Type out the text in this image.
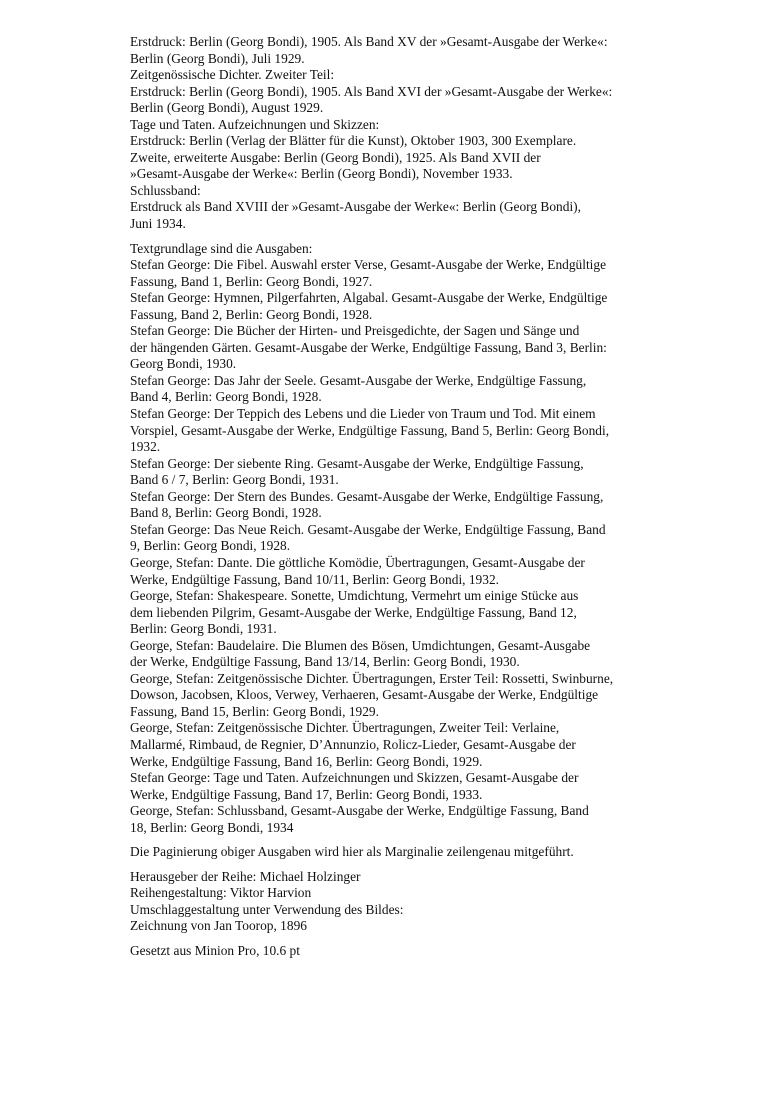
Erstdruck: Berlin (Georg Bondi), 1905. Als Band XV der »Gesamt-Ausgabe der Werke«:
Berlin (Georg Bondi), Juli 1929.
Zeitgenössische Dichter. Zweiter Teil:
Erstdruck: Berlin (Georg Bondi), 1905. Als Band XVI der »Gesamt-Ausgabe der Werke«:
Berlin (Georg Bondi), August 1929.
Tage und Taten. Aufzeichnungen und Skizzen:
Erstdruck: Berlin (Verlag der Blätter für die Kunst), Oktober 1903, 300 Exemplare.
Zweite, erweiterte Ausgabe: Berlin (Georg Bondi), 1925. Als Band XVII der
»Gesamt-Ausgabe der Werke«: Berlin (Georg Bondi), November 1933.
Schlussband:
Erstdruck als Band XVIII der »Gesamt-Ausgabe der Werke«: Berlin (Georg Bondi),
Juni 1934.
Textgrundlage sind die Ausgaben:
Stefan George: Die Fibel. Auswahl erster Verse, Gesamt-Ausgabe der Werke, Endgültige
Fassung, Band 1, Berlin: Georg Bondi, 1927.
Stefan George: Hymnen, Pilgerfahrten, Algabal. Gesamt-Ausgabe der Werke, Endgültige
Fassung, Band 2, Berlin: Georg Bondi, 1928.
Stefan George: Die Bücher der Hirten- und Preisgedichte, der Sagen und Sänge und
der hängenden Gärten. Gesamt-Ausgabe der Werke, Endgültige Fassung, Band 3, Berlin:
Georg Bondi, 1930.
Stefan George: Das Jahr der Seele. Gesamt-Ausgabe der Werke, Endgültige Fassung,
Band 4, Berlin: Georg Bondi, 1928.
Stefan George: Der Teppich des Lebens und die Lieder von Traum und Tod. Mit einem
Vorspiel, Gesamt-Ausgabe der Werke, Endgültige Fassung, Band 5, Berlin: Georg Bondi,
1932.
Stefan George: Der siebente Ring. Gesamt-Ausgabe der Werke, Endgültige Fassung,
Band 6 / 7, Berlin: Georg Bondi, 1931.
Stefan George: Der Stern des Bundes. Gesamt-Ausgabe der Werke, Endgültige Fassung,
Band 8, Berlin: Georg Bondi, 1928.
Stefan George: Das Neue Reich. Gesamt-Ausgabe der Werke, Endgültige Fassung, Band
9, Berlin: Georg Bondi, 1928.
George, Stefan: Dante. Die göttliche Komödie, Übertragungen, Gesamt-Ausgabe der
Werke, Endgültige Fassung, Band 10/11, Berlin: Georg Bondi, 1932.
George, Stefan: Shakespeare. Sonette, Umdichtung, Vermehrt um einige Stücke aus
dem liebenden Pilgrim, Gesamt-Ausgabe der Werke, Endgültige Fassung, Band 12,
Berlin: Georg Bondi, 1931.
George, Stefan: Baudelaire. Die Blumen des Bösen, Umdichtungen, Gesamt-Ausgabe
der Werke, Endgültige Fassung, Band 13/14, Berlin: Georg Bondi, 1930.
George, Stefan: Zeitgenössische Dichter. Übertragungen, Erster Teil: Rossetti, Swinburne,
Dowson, Jacobsen, Kloos, Verwey, Verhaeren, Gesamt-Ausgabe der Werke, Endgültige
Fassung, Band 15, Berlin: Georg Bondi, 1929.
George, Stefan: Zeitgenössische Dichter. Übertragungen, Zweiter Teil: Verlaine,
Mallarmé, Rimbaud, de Regnier, D’Annunzio, Rolicz-Lieder, Gesamt-Ausgabe der
Werke, Endgültige Fassung, Band 16, Berlin: Georg Bondi, 1929.
Stefan George: Tage und Taten. Aufzeichnungen und Skizzen, Gesamt-Ausgabe der
Werke, Endgültige Fassung, Band 17, Berlin: Georg Bondi, 1933.
George, Stefan: Schlussband, Gesamt-Ausgabe der Werke, Endgültige Fassung, Band
18, Berlin: Georg Bondi, 1934
Die Paginierung obiger Ausgaben wird hier als Marginalie zeilengenau mitgeführt.
Herausgeber der Reihe: Michael Holzinger
Reihengestaltung: Viktor Harvion
Umschlaggestaltung unter Verwendung des Bildes:
Zeichnung von Jan Toorop, 1896
Gesetzt aus Minion Pro, 10.6 pt
